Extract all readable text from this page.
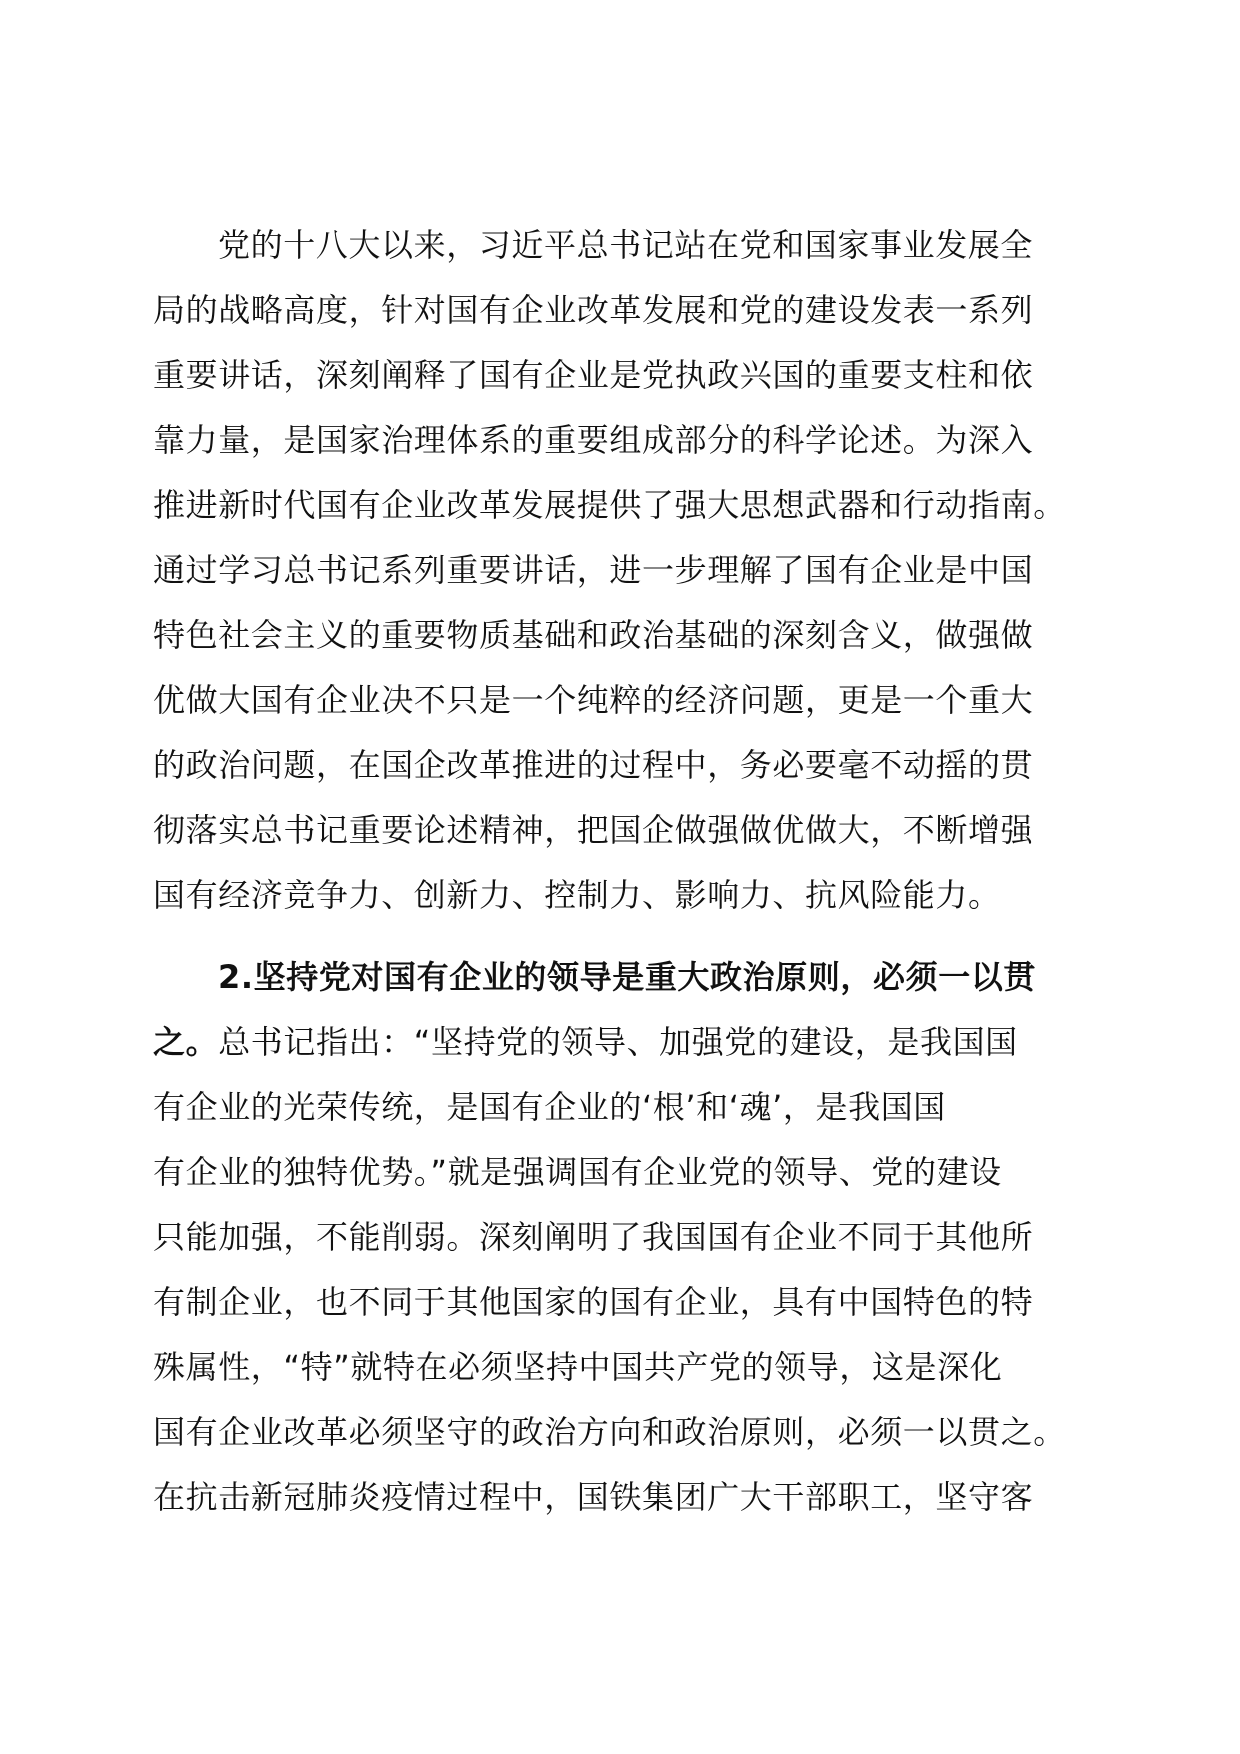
党的十八大以来，习近平总书记站在党和国家事业发展全
局的战略高度，针对国有企业改革发展和党的建设发表一系列
重要讲话，深刻阐释了国有企业是党执政兴国的重要支柱和依
靠力量，是国家治理体系的重要组成部分的科学论述。为深入
推进新时代国有企业改革发展提供了强大思想武器和行动指南。
通过学习总书记系列重要讲话，进一步理解了国有企业是中国
特色社会主义的重要物质基础和政治基础的深刻含义，做强做
优做大国有企业决不只是一个纯粹的经济问题，更是一个重大
的政治问题，在国企改革推进的过程中，务必要毫不动摇的贯
彻落实总书记重要论述精神，把国企做强做优做大，不断增强
国有经济竞争力、创新力、控制力、影响力、抗风险能力。
2.坚持党对国有企业的领导是重大政治原则，必须一以贯
之。总书记指出：“坚持党的领导、加强党的建设，是我国国
有企业的光荣传统，是国有企业的‘根’和‘魂’，是我国国
有企业的独特优势。”就是强调国有企业党的领导、党的建设
只能加强，不能削弱。深刻阐明了我国国有企业不同于其他所
有制企业，也不同于其他国家的国有企业，具有中国特色的特
殊属性，“特”就特在必须坚持中国共产党的领导，这是深化
国有企业改革必须坚守的政治方向和政治原则，必须一以贯之。
在抗击新冠肺炎疫情过程中，国铁集团广大干部职工，坚守客
